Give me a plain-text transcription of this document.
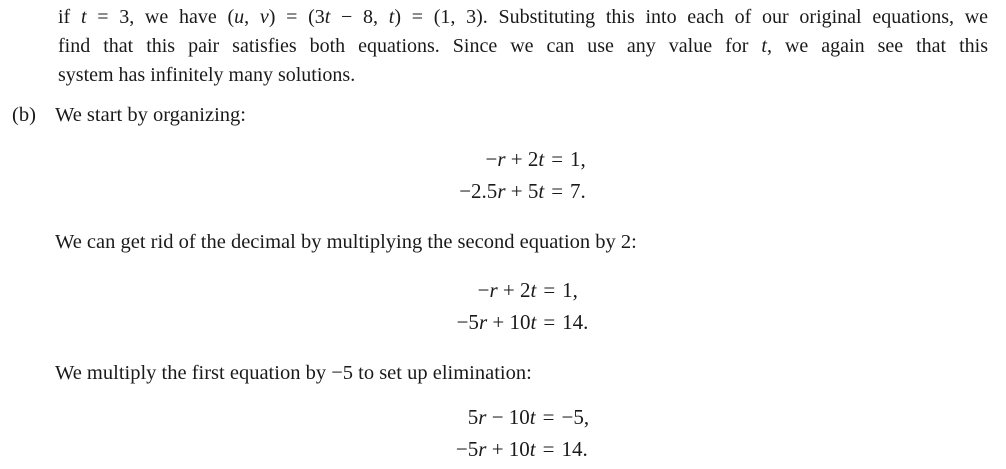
if t = 3, we have (u, v) = (3t − 8, t) = (1, 3). Substituting this into each of our original equations, we
find that this pair satisfies both equations. Since we can use any value for t, we again see that this
system has infinitely many solutions.
(b) We start by organizing:
−r + 2t = 1,
−2.5r + 5t = 7.
We can get rid of the decimal by multiplying the second equation by 2:
−r + 2t = 1,
−5r + 10t = 14.
We multiply the first equation by −5 to set up elimination:
5r − 10t = −5,
−5r + 10t = 14.
